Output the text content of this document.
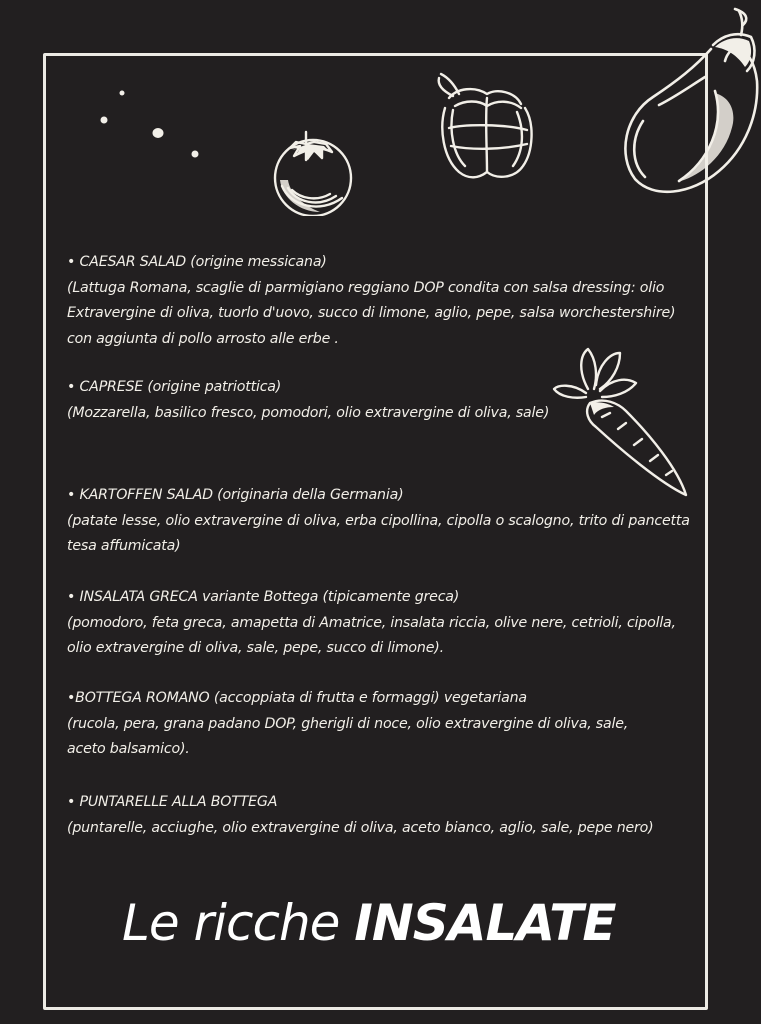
• CAESAR SALAD (origine messicana)
(Lattuga Romana, scaglie di parmigiano reggiano DOP condita con salsa dressing: olio
Extravergine di oliva, tuorlo d'uovo, succo di limone, aglio, pepe, salsa worchestershire)
con aggiunta di pollo arrosto alle erbe .
• CAPRESE (origine patriottica)
(Mozzarella, basilico fresco, pomodori, olio extravergine di oliva, sale)
• KARTOFFEN SALAD (originaria della Germania)
(patate lesse, olio extravergine di oliva, erba cipollina, cipolla o scalogno, trito di pancetta
tesa affumicata)
• INSALATA GRECA variante Bottega (tipicamente greca)
(pomodoro, feta greca, amapetta di Amatrice, insalata riccia, olive nere, cetrioli, cipolla,
olio extravergine di oliva, sale, pepe, succo di limone).
•BOTTEGA ROMANO (accoppiata di frutta e formaggi) vegetariana
(rucola, pera, grana padano DOP, gherigli di noce, olio extravergine di oliva, sale,
aceto balsamico).
• PUNTARELLE ALLA BOTTEGA
(puntarelle, acciughe, olio extravergine di oliva, aceto bianco, aglio, sale, pepe nero)
Le ricche INSALATE
